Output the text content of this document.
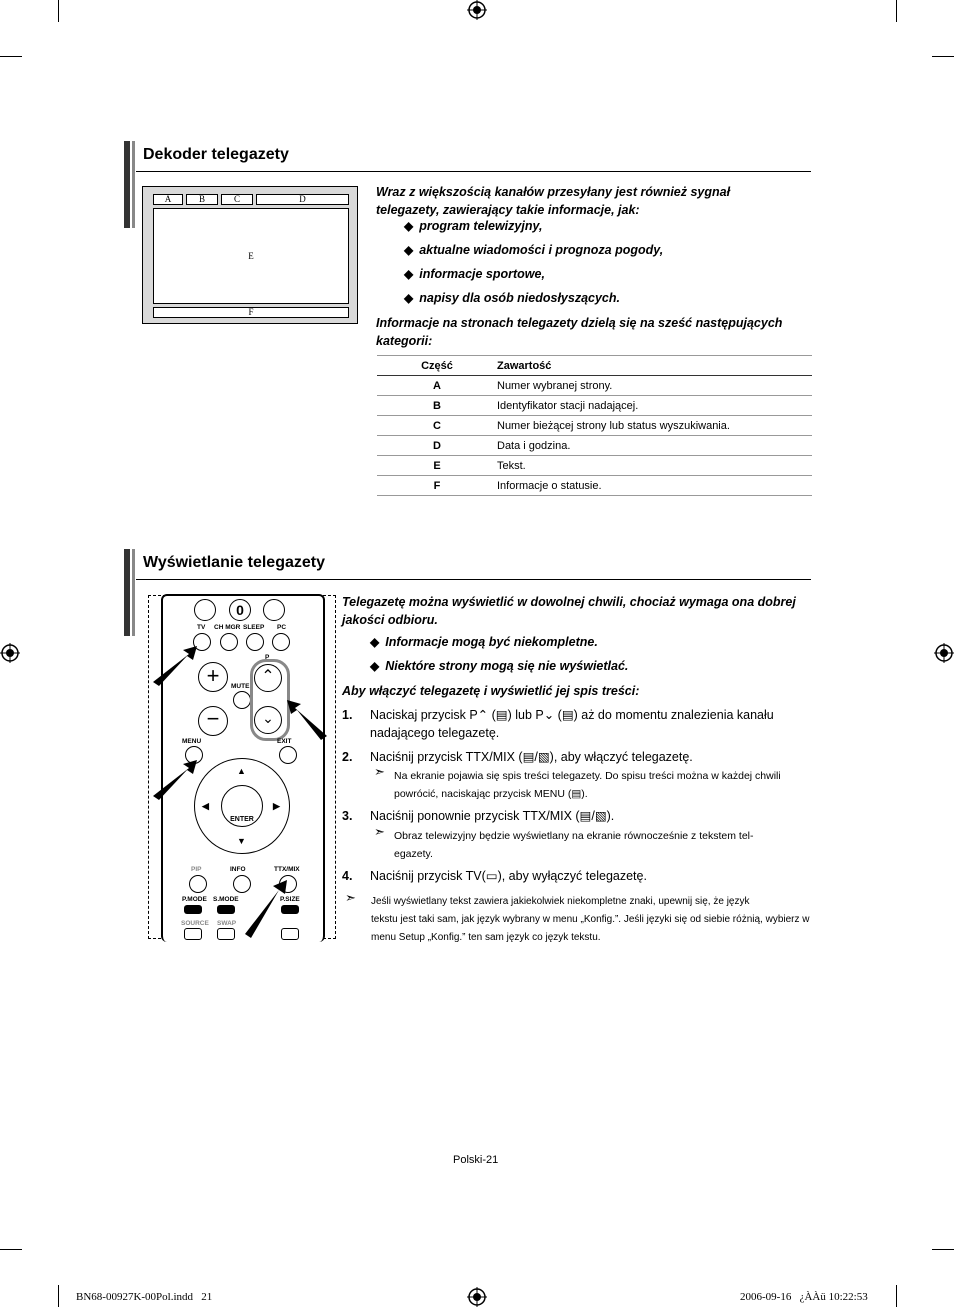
Dekoder telegazety
A	B	C	D
E
F
Wraz z większością kanałów przesyłany jest również sygnał telegazety, zawierający takie informacje, jak:
◆ program telewizyjny,
◆ aktualne wiadomości i prognoza pogody,
◆ informacje sportowe,
◆ napisy dla osób niedosłyszących.
Informacje na stronach telegazety dzielą się na sześć następujących kategorii:
Część	Zawartość
A	Numer wybranej strony.
B	Identyfikator stacji nadającej.
C	Numer bieżącej strony lub status wyszukiwania.
D	Data i godzina.
E	Tekst.
F	Informacje o statusie.
Wyświetlanie telegazety
0
TV CH MGR SLEEP PC
+
−
MUTE
P
⌃
⌄
MENU	EXIT
$_{ENTER}$
▲
▼
◀	▶
PIP	INFO	TTX/MIX
P.MODE S.MODE	P.SIZE
SOURCE SWAP
Telegazetę można wyświetlić w dowolnej chwili, chociaż wymaga ona dobrej jakości odbioru.
◆ Informacje mogą być niekompletne.
◆ Niektóre strony mogą się nie wyświetlać.
Aby włączyć telegazetę i wyświetlić jej spis treści:
1. Naciskaj przycisk P⌃ (▤) lub P⌄ (▤) aż do momentu znalezienia kanału
nadającego telegazetę.
2. Naciśnij przycisk TTX/MIX (▤/▧), aby włączyć telegazetę.
➣ Na ekranie pojawia się spis treści telegazety. Do spisu treści można w każdej chwili
powrócić, naciskając przycisk MENU (▤).
3. Naciśnij ponownie przycisk TTX/MIX (▤/▧).
➣ Obraz telewizyjny będzie wyświetlany na ekranie równocześnie z tekstem tel-
egazety.
4. Naciśnij przycisk TV(▭), aby wyłączyć telegazetę.
➣ Jeśli wyświetlany tekst zawiera jakiekolwiek niekompletne znaki, upewnij się, że język
tekstu jest taki sam, jak język wybrany w menu „Konfig.”. Jeśli języki się od siebie różnią, wybierz w
menu Setup „Konfig.” ten sam język co język tekstu.
Polski-21
BN68-00927K-00Pol.indd   21	2006-09-16   ¿ÀÀü 10:22:53
